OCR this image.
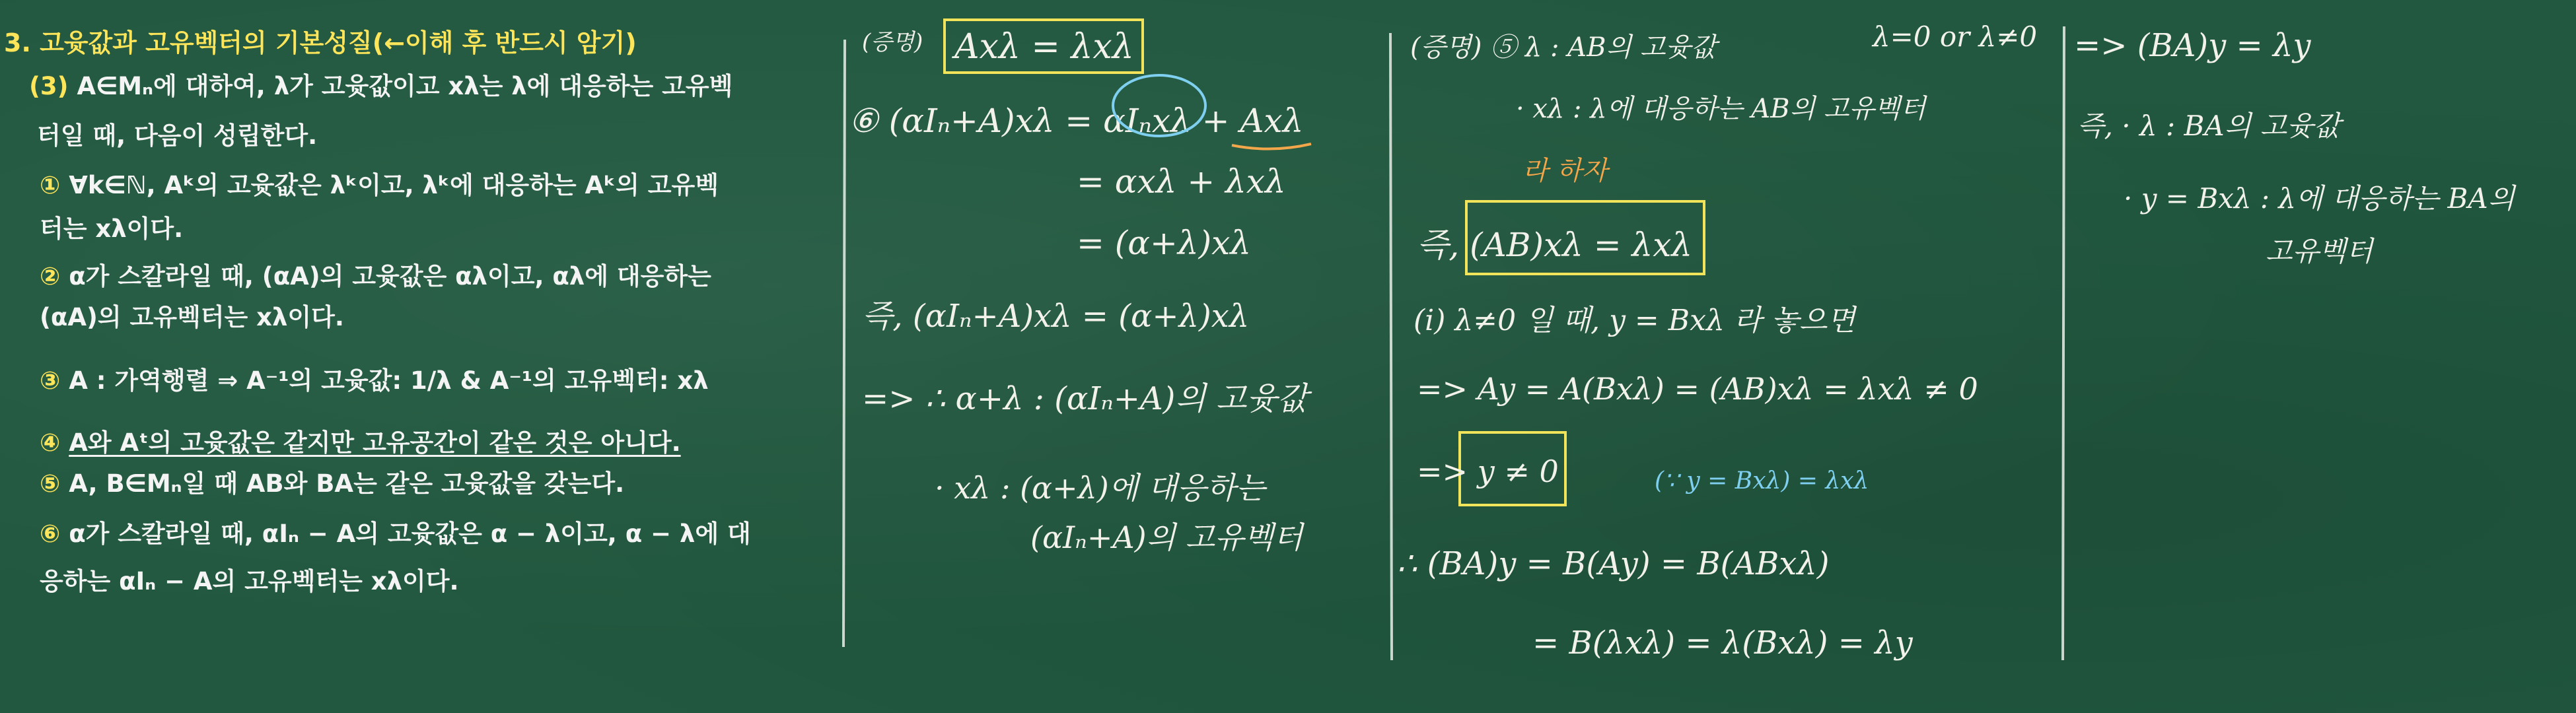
3. 고윳값과 고유벡터의 기본성질(←이해 후 반드시 암기)
(3) A∈Mₙ에 대하여, λ가 고윳값이고 xλ는 λ에 대응하는 고유벡
터일 때, 다음이 성립한다.
① ∀k∈ℕ, Aᵏ의 고윳값은 λᵏ이고, λᵏ에 대응하는 Aᵏ의 고유벡
터는 xλ이다.
② α가 스칼라일 때, (αA)의 고윳값은 αλ이고, αλ에 대응하는
(αA)의 고유벡터는 xλ이다.
③ A : 가역행렬 ⇒ A⁻¹의 고윳값: 1/λ & A⁻¹의 고유벡터: xλ
④ A와 Aᵗ의 고윳값은 같지만 고유공간이 같은 것은 아니다.
⑤ A, B∈Mₙ일 때 AB와 BA는 같은 고윳값을 갖는다.
⑥ α가 스칼라일 때, αIₙ − A의 고윳값은 α − λ이고, α − λ에 대
응하는 αIₙ − A의 고유벡터는 xλ이다.
(증명) Axλ = λxλ
⑥ (αIₙ+A)xλ = αIₙxλ + Axλ
= αxλ + λxλ
= (α+λ)xλ
즉, (αIₙ+A)xλ = (α+λ)xλ
=> ∴ α+λ : (αIₙ+A)의 고윳값
· xλ : (α+λ)에 대응하는
(αIₙ+A)의 고유벡터
(증명) ⑤ λ : AB의 고윳값	λ=0 or λ≠0
· xλ : λ에 대응하는 AB의 고유벡터
라 하자
즉, (AB)xλ = λxλ
(i) λ≠0 일 때, y = Bxλ 라 놓으면
=> Ay = A(Bxλ) = (AB)xλ = λxλ ≠ 0
=> y ≠ 0	(∵ y = Bxλ) = λxλ
∴ (BA)y = B(Ay) = B(ABxλ)
= B(λxλ) = λ(Bxλ) = λy
=> (BA)y = λy
즉, · λ : BA의 고윳값
· y = Bxλ : λ에 대응하는 BA의
고유벡터
